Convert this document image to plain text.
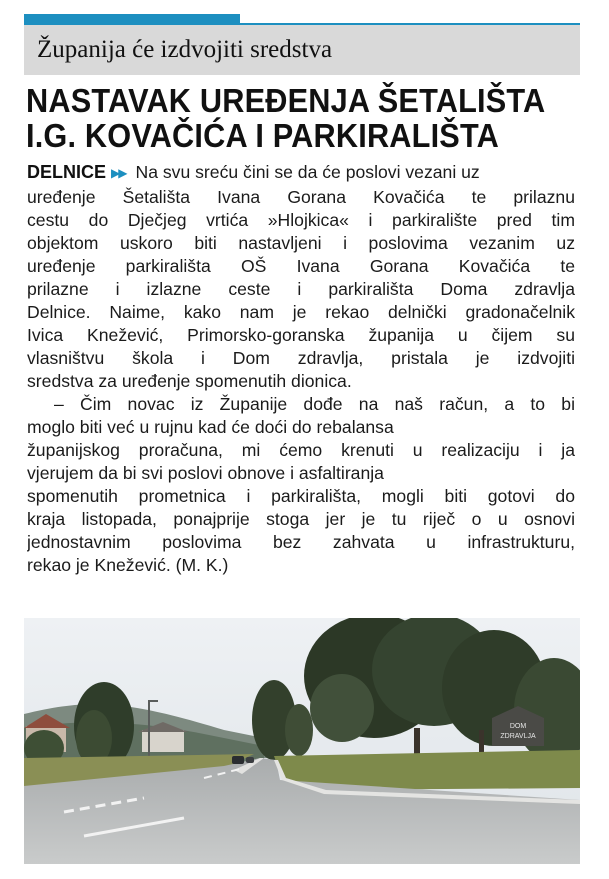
Županija će izdvojiti sredstva
NASTAVAK UREĐENJA ŠETALIŠTA
I.G. KOVAČIĆA I PARKIRALIŠTA
DELNICE ▶▶ Na svu sreću čini se da će poslovi vezani uz
uređenje Šetališta Ivana Gorana Kovačića te prilaznu
cestu do Dječjeg vrtića »Hlojkica« i parkiralište pred tim
objektom uskoro biti nastavljeni i poslovima vezanim uz
uređenje parkirališta OŠ Ivana Gorana Kovačića te
prilazne i izlazne ceste i parkirališta Doma zdravlja
Delnice. Naime, kako nam je rekao delnički gradonačelnik
Ivica Knežević, Primorsko-goranska županija u čijem su
vlasništvu škola i Dom zdravlja, pristala je izdvojiti
sredstva za uređenje spomenutih dionica.
– Čim novac iz Županije dođe na naš račun, a to bi
moglo biti već u rujnu kad će doći do rebalansa
županijskog proračuna, mi ćemo krenuti u realizaciju i ja
vjerujem da bi svi poslovi obnove i asfaltiranja
spomenutih prometnica i parkirališta, mogli biti gotovi do
kraja listopada, ponajprije stoga jer je tu riječ o u osnovi
jednostavnim poslovima bez zahvata u infrastrukturu,
rekao je Knežević. (M. K.)
DOM
ZDRAVLJA
